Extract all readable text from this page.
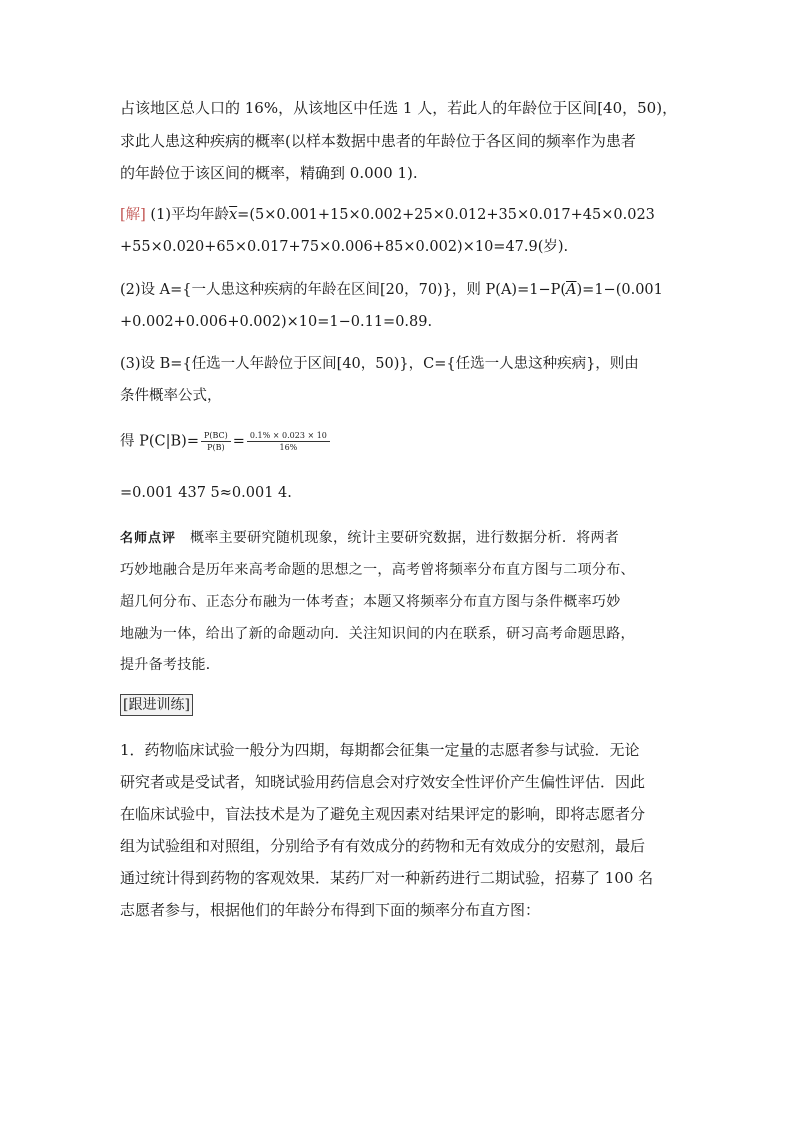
占该地区总人口的 16%，从该地区中任选 1 人，若此人的年龄位于区间[40，50)，
求此人患这种疾病的概率(以样本数据中患者的年龄位于各区间的频率作为患者
的年龄位于该区间的概率，精确到 0.000 1).
[解] (1)平均年龄$\overline{x}=(5\times 0.001+15\times 0.002+25\times 0.012+35\times 0.017+45\times 0.023$
+55×0.020+65×0.017+75×0.006+85×0.002)×10=47.9(岁).
(2)设 A={一人患这种疾病的年龄在区间[20，70)}，则 $P(A)=1-P(\overline{A})=1-(0.001$
+0.002+0.006+0.002)×10=1−0.11=0.89.
(3)设 B={任选一人年龄位于区间[40，50)}，C={任选一人患这种疾病}，则由
条件概率公式，
得 $P(C|B)= \frac{P(BC)}{P(B)} = \frac{0.1\% \times 0.023 \times 10}{16\%}$
=0.001 437 5≈0.001 4.
名师点评 概率主要研究随机现象，统计主要研究数据，进行数据分析．将两者
巧妙地融合是历年来高考命题的思想之一，高考曾将频率分布直方图与二项分布、
超几何分布、正态分布融为一体考查；本题又将频率分布直方图与条件概率巧妙
地融为一体，给出了新的命题动向．关注知识间的内在联系，研习高考命题思路，
提升备考技能．
[跟进训练]
1．药物临床试验一般分为四期，每期都会征集一定量的志愿者参与试验．无论
研究者或是受试者，知晓试验用药信息会对疗效安全性评价产生偏性评估．因此
在临床试验中，盲法技术是为了避免主观因素对结果评定的影响，即将志愿者分
组为试验组和对照组，分别给予有有效成分的药物和无有效成分的安慰剂，最后
通过统计得到药物的客观效果．某药厂对一种新药进行二期试验，招募了 100 名
志愿者参与，根据他们的年龄分布得到下面的频率分布直方图：
